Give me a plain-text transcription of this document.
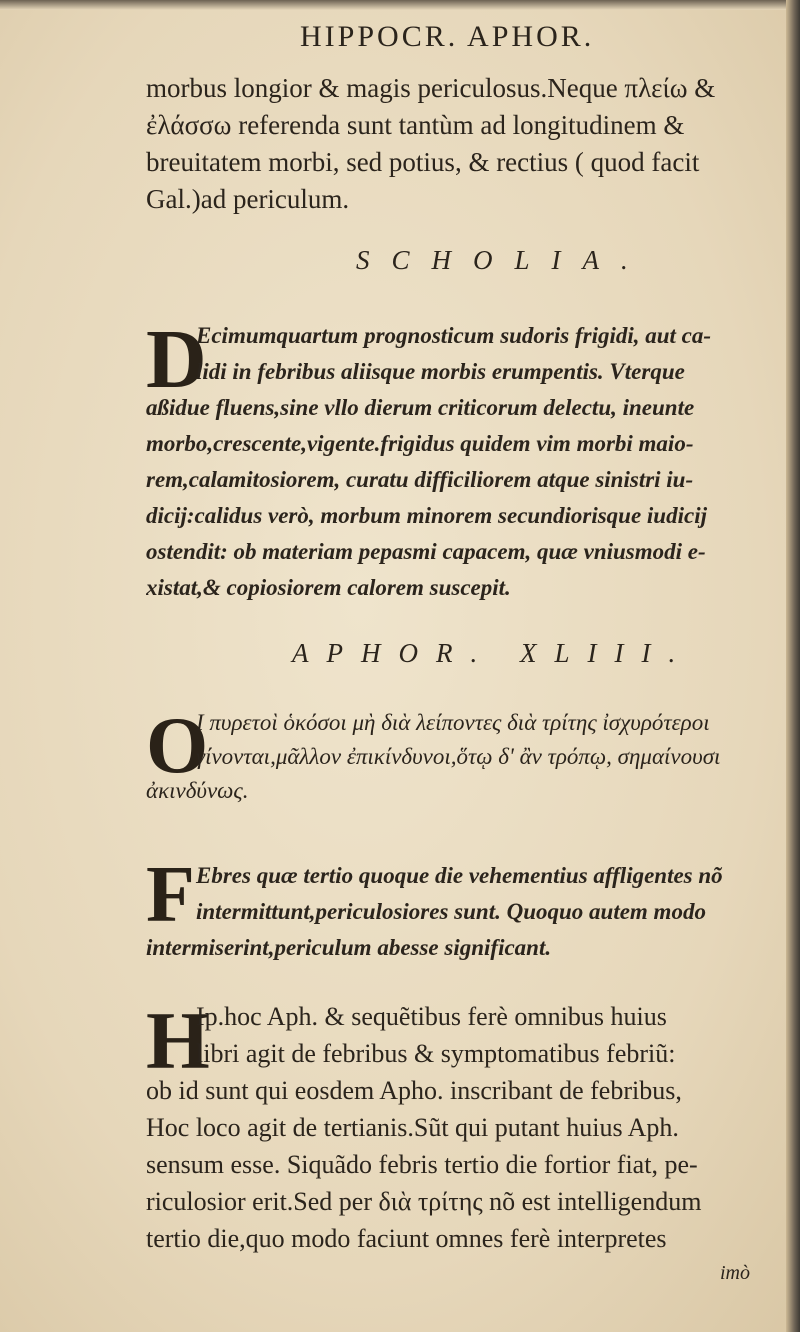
HIPPOCR. APHOR.
morbus longior & magis periculosus.Neque πλείω &
ἐλάσσω referenda sunt tantùm ad longitudinem &
breuitatem morbi, sed potius, & rectius ( quod facit
Gal.)ad periculum.
SCHOLIA.
D
Ecimumquartum prognosticum sudoris frigidi, aut ca-
lidi in febribus aliisque morbis erumpentis. Vterque
aßidue fluens,sine vllo dierum criticorum delectu, ineunte
morbo,crescente,vigente.frigidus quidem vim morbi maio-
rem,calamitosiorem, curatu difficiliorem atque sinistri iu-
dicij:calidus verò, morbum minorem secundiorisque iudicij
ostendit: ob materiam pepasmi capacem, quæ vniusmodi e-
xistat,& copiosiorem calorem suscepit.
APHOR. XLIII.
O
Ι πυρετοὶ ὁκόσοι μὴ διὰ λείποντες διὰ τρίτης ἰσχυρότεροι
γίνονται,μᾶλλον ἐπικίνδυνοι,ὅτῳ δ' ἂν τρόπῳ, σημαίνουσι
ἀκινδύνως.
F Ebres quæ tertio quoque die vehementius affligentes nõ
intermittunt,periculosiores sunt. Quoquo autem modo
intermiserint,periculum abesse significant.
H
Ip.hoc Aph. & sequẽtibus ferè omnibus huius
libri agit de febribus & symptomatibus febriũ:
ob id sunt qui eosdem Apho. inscribant de febribus,
Hoc loco agit de tertianis.Sũt qui putant huius Aph.
sensum esse. Siquãdo febris tertio die fortior fiat, pe-
riculosior erit.Sed per διὰ τρίτης nõ est intelligendum
tertio die,quo modo faciunt omnes ferè interpretes
imò
